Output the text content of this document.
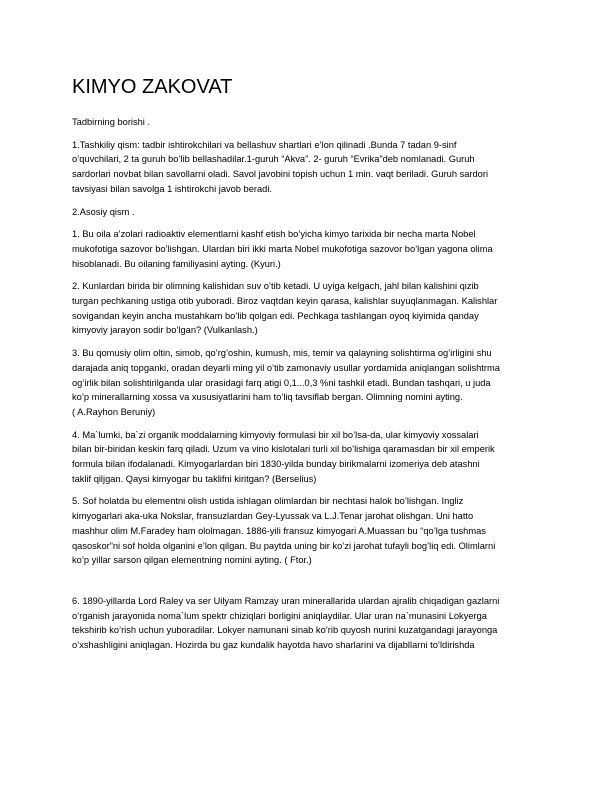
KIMYO ZAKOVAT

Tadbirning borishi .

1.Tashkiliy qism: tadbir ishtirokchilari va bellashuv shartlari e’lon qilinadi .Bunda 7 tadan 9-sinf
o’quvchilari, 2 ta guruh bo’lib bellashadilar.1-guruh “Akva”. 2- guruh “Evrika”deb nomlanadi. Guruh
sardorlari novbat bilan savollarni oladi. Savol javobini topish uchun 1 min. vaqt beriladi. Guruh sardori
tavsiyasi bilan savolga 1 ishtirokchi javob beradi.

2.Asosiy qism .

1. Bu oila a’zolari radioaktiv elementlarni kashf etish bo’yicha kimyo tarixida bir necha marta Nobel
mukofotiga sazovor bo’lishgan. Ulardan biri ikki marta Nobel mukofotiga sazovor bo’lgan yagona olima
hisoblanadi. Bu oilaning familiyasini ayting. (Kyuri.)

2. Kunlardan birida bir olimning kalishidan suv o’tib ketadi. U uyiga kelgach, jahl bilan kalishini qizib
turgan pechkaning ustiga otib yuboradi. Biroz vaqtdan keyin qarasa, kalishlar suyuqlanmagan. Kalishlar
sovigandan keyin ancha mustahkam bo’lib qolgan edi. Pechkaga tashlangan oyoq kiyimida qanday
kimyoviy jarayon sodir bo’lgan? (Vulkanlash.)

3. Bu qomusiy olim oltin, simob, qo’rg’oshin, kumush, mis, temir va qalayning solishtirma og’irligini shu
darajada aniq topganki, oradan deyarli ming yil o’tib zamonaviy usullar yordamida aniqlangan solishtrma
og’irlik bilan solishtirilganda ular orasidagi farq atigi 0,1...0,3 %ni tashkil etadi. Bundan tashqari, u juda
ko’p minerallarning xossa va xususiyatlarini ham to’liq tavsiflab bergan. Olimning nomini ayting.
( A.Rayhon Beruniy)

4. Ma`lumki, ba`zi organik moddalarning kimyoviy formulasi bir xil bo’lsa-da, ular kimyoviy xossalari
bilan bir-biridan keskin farq qiladi. Uzum va vino kislotalari turli xil bo’lishiga qaramasdan bir xil emperik
formula bilan ifodalanadi. Kimyogarlardan biri 1830-yilda bunday birikmalarni izomeriya deb atashni
taklif qiljgan. Qaysi kimyogar bu taklifni kiritgan? (Berselius)

5. Sof holatda bu elementni olish ustida ishlagan olimlardan bir nechtasi halok bo’lishgan. Ingliz
kimyogarlari aka-uka Nokslar, fransuzlardan Gey-Lyussak va L.J.Tenar jarohat olishgan. Uni hatto
mashhur olim M.Faradey ham ololmagan. 1886-yili fransuz kimyogari A.Muassan bu “qo’lga tushmas
qasoskor”ni sof holda olganini e’lon qilgan. Bu paytda uning bir ko’zi jarohat tufayli bog’liq edi. Olimlarni
ko’p yillar sarson qilgan elementning nomini ayting. ( Ftor.)

6. 1890-yillarda Lord Raley va ser Uilyam Ramzay uran minerallarida ulardan ajralib chiqadigan gazlarni
o’rganish jarayonida noma`lum spektr chiziqlari borligini aniqlaydilar. Ular uran na`munasini Lokyerga
tekshirib ko’rish uchun yuboradilar. Lokyer namunani sinab ko’rib quyosh nurini kuzatgandagi jarayonga
o’xshashligini aniqlagan. Hozirda bu gaz kundalik hayotda havo sharlarini va dijabllarni to’ldirishda
